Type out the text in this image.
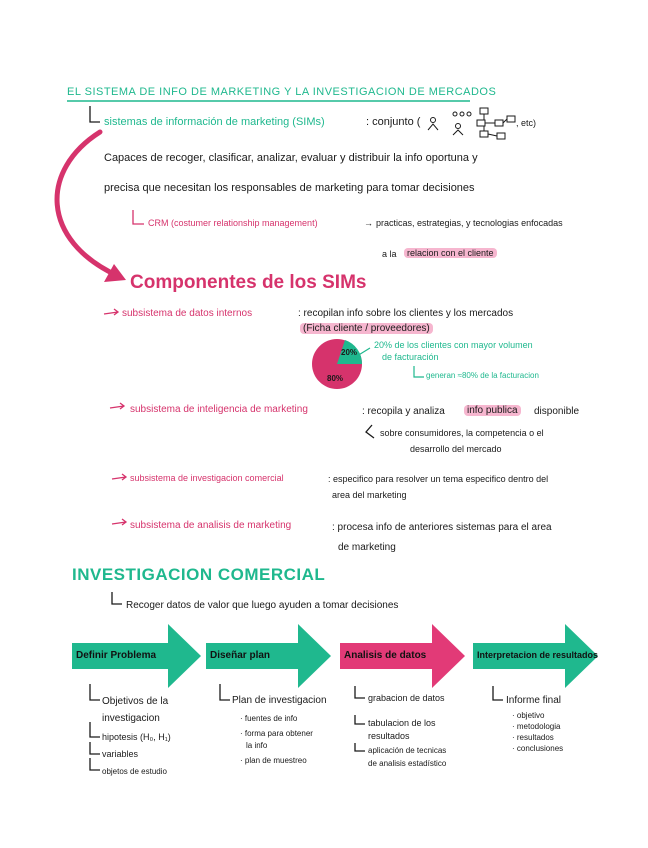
EL SISTEMA DE INFO DE MARKETING Y LA INVESTIGACION DE MERCADOS
sistemas de información de marketing (SIMs)	: conjunto (	, etc)
Capaces de recoger, clasificar, analizar, evaluar y distribuir la info oportuna y
precisa que necesitan los responsables de marketing para tomar decisiones
CRM (costumer relationship management)	→ practicas, estrategias, y tecnologias enfocadas
a la	relacion con el cliente
Componentes de los SIMs
subsistema de datos internos	: recopilan info sobre los clientes y los mercados
(Ficha cliente / proveedores)
20%
80%
20% de los clientes con mayor volumen
de facturación
generan ≈80% de la facturacion
subsistema de inteligencia de marketing	: recopila y analiza	info publica	disponible
sobre consumidores, la competencia o el
desarrollo del mercado
subsistema de investigacion comercial	: especifico para resolver un tema especifico dentro del
area del marketing
subsistema de analisis de marketing	: procesa info de anteriores sistemas para el area
de marketing
INVESTIGACION COMERCIAL
Recoger datos de valor que luego ayuden a tomar decisiones
Definir Problema	Diseñar plan	Analisis de datos	Interpretacion de resultados
Objetivos de la
investigacion
hipotesis (H₀, H₁)
variables
objetos de estudio
Plan de investigacion
· fuentes de info
· forma para obtener
la info
· plan de muestreo
grabacion de datos
tabulacion de los
resultados
aplicación de tecnicas
de analisis estadístico
Informe final
· objetivo
· metodologia
· resultados
· conclusiones
